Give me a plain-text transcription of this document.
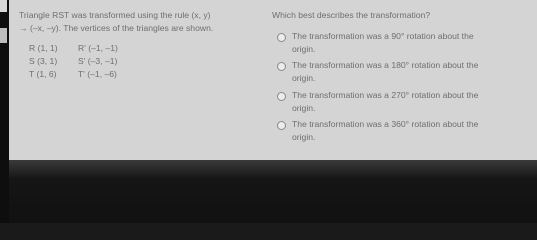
Triangle RST was transformed using the rule (x, y)

→ (–x, –y). The vertices of the triangles are shown.

R (1, 1)	R' (–1, –1)
S (3, 1)	S' (–3, –1)
T (1, 6)	T' (–1, –6)
Which best describes the transformation?
The transformation was a 90° rotation about the
origin.
The transformation was a 180° rotation about the
origin.
The transformation was a 270° rotation about the
origin.
The transformation was a 360° rotation about the
origin.
